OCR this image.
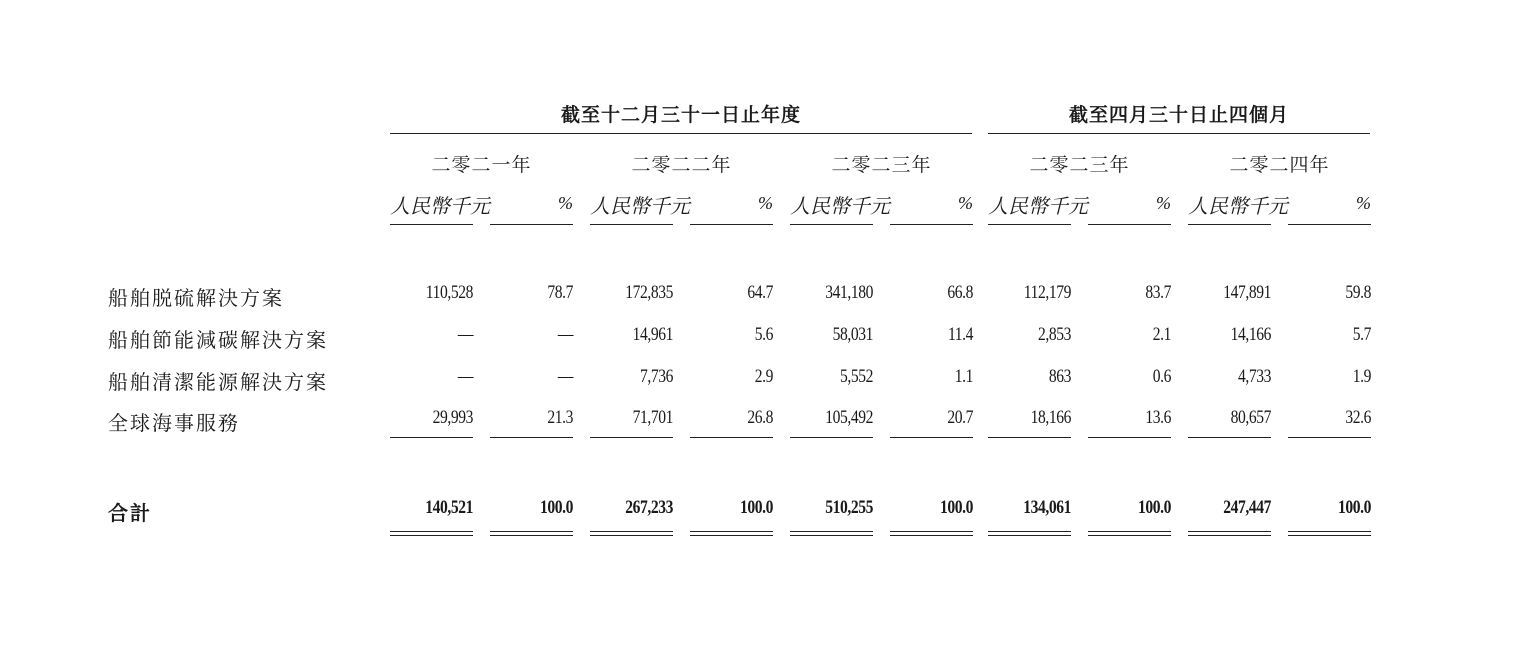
截至十二月三十一日止年度	截至四月三十日止四個月
二零二一年
人民幣千元	%
二零二二年
人民幣千元	%
二零二三年
人民幣千元	%
二零二三年
人民幣千元	%
二零二四年
人民幣千元	%
船舶脱硫解決方案	110,528	78.7	172,835	64.7	341,180	66.8	112,179	83.7	147,891	59.8
船舶節能減碳解決方案	—	—	14,961	5.6	58,031	11.4	2,853	2.1	14,166	5.7
船舶清潔能源解決方案	—	—	7,736	2.9	5,552	1.1	863	0.6	4,733	1.9
全球海事服務	29,993	21.3	71,701	26.8	105,492	20.7	18,166	13.6	80,657	32.6
合計	140,521	100.0	267,233	100.0	510,255	100.0	134,061	100.0	247,447	100.0
